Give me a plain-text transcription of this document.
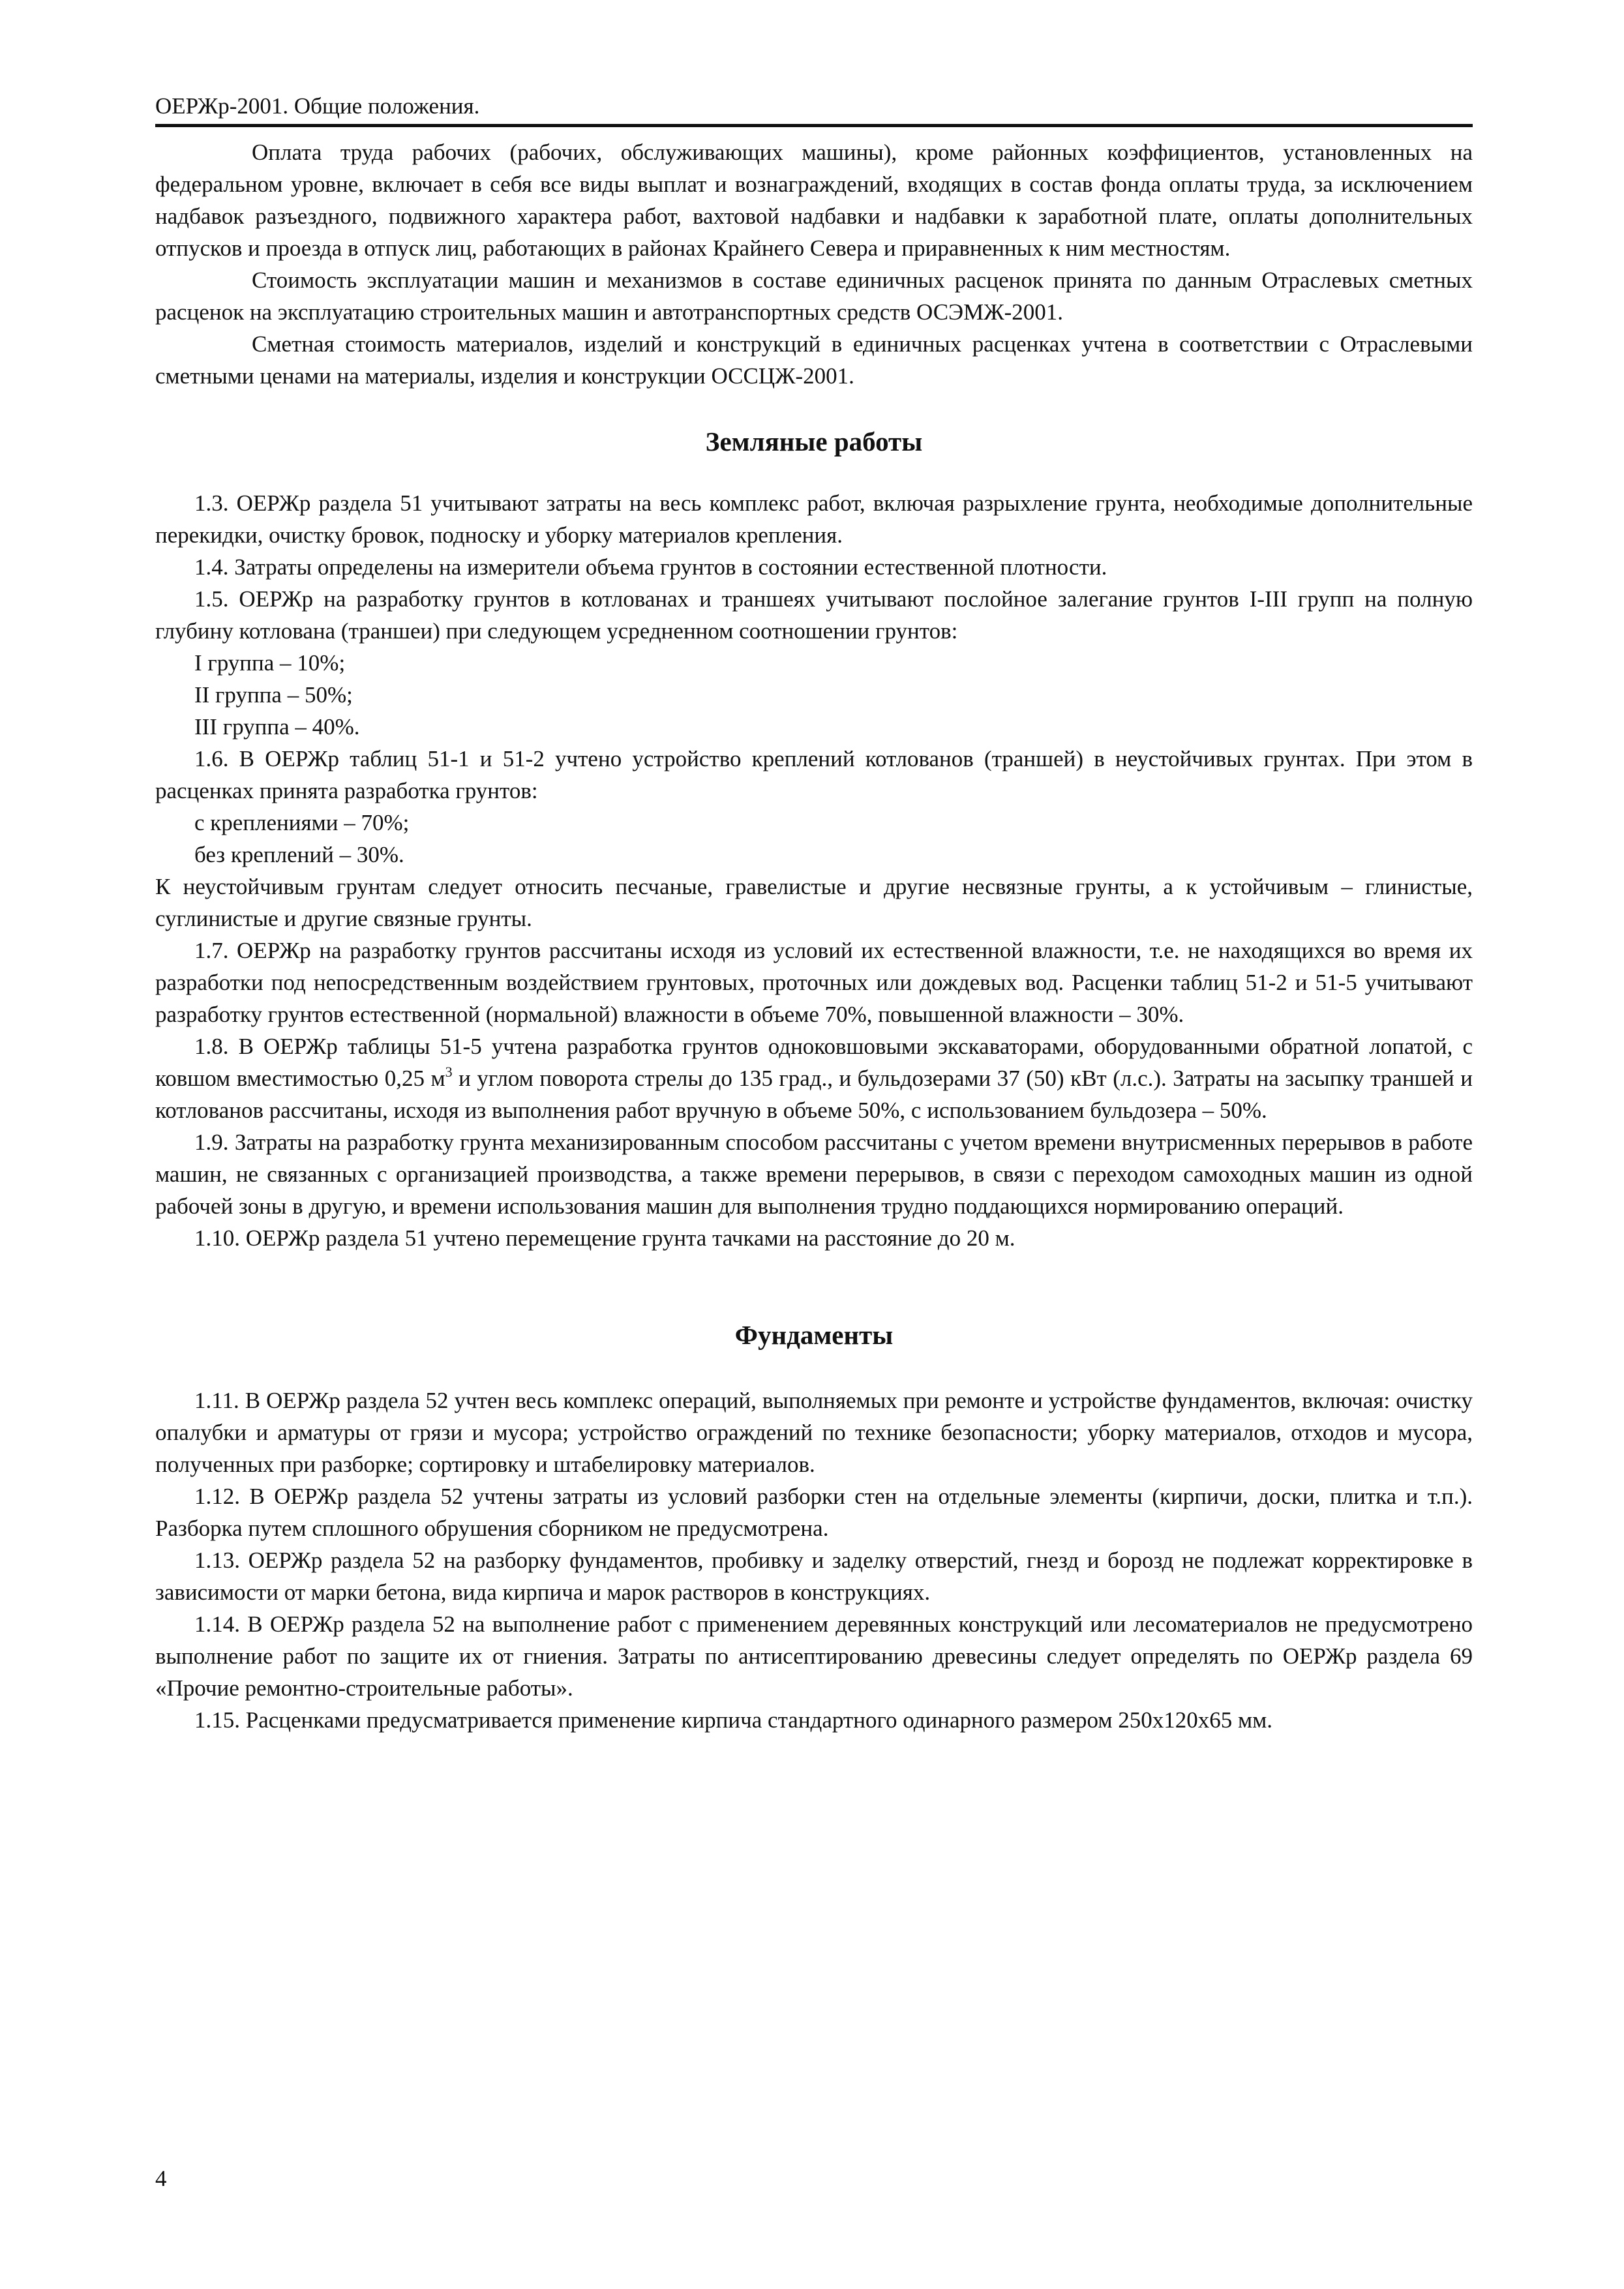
ОЕРЖр-2001. Общие положения.

Оплата труда рабочих (рабочих, обслуживающих машины), кроме районных коэффициентов, установленных на федеральном уровне, включает в себя все виды выплат и вознаграждений, входящих в состав фонда оплаты труда, за исключением надбавок разъездного, подвижного характера работ, вахтовой надбавки и надбавки к заработной плате, оплаты дополнительных отпусков и проезда в отпуск лиц, работающих в районах Крайнего Севера и приравненных к ним местностям.

Стоимость эксплуатации машин и механизмов в составе единичных расценок принята по данным Отраслевых сметных расценок на эксплуатацию строительных машин и автотранспортных средств ОСЭМЖ-2001.

Сметная стоимость материалов, изделий и конструкций в единичных расценках учтена в соответствии с Отраслевыми сметными ценами на материалы, изделия и конструкции ОССЦЖ-2001.

Земляные работы

1.3. ОЕРЖр раздела 51 учитывают затраты на весь комплекс работ, включая разрыхление грунта, необходимые дополнительные перекидки, очистку бровок, подноску и уборку материалов крепления.

1.4. Затраты определены на измерители объема грунтов в состоянии естественной плотности.

1.5. ОЕРЖр на разработку грунтов в котлованах и траншеях учитывают послойное залегание грунтов I-III групп на полную глубину котлована (траншеи) при следующем усредненном соотношении грунтов:

I группа – 10%;

II группа – 50%;

III группа – 40%.

1.6. В ОЕРЖр таблиц 51-1 и 51-2 учтено устройство креплений котлованов (траншей) в неустойчивых грунтах. При этом в расценках принята разработка грунтов:

с креплениями – 70%;

без креплений – 30%.

К неустойчивым грунтам следует относить песчаные, гравелистые и другие несвязные грунты, а к устойчивым – глинистые, суглинистые и другие связные грунты.

1.7. ОЕРЖр на разработку грунтов рассчитаны исходя из условий их естественной влажности, т.е. не находящихся во время их разработки под непосредственным воздействием грунтовых, проточных или дождевых вод. Расценки таблиц 51-2 и 51-5 учитывают разработку грунтов естественной (нормальной) влажности в объеме 70%, повышенной влажности – 30%.

1.8. В ОЕРЖр таблицы 51-5 учтена разработка грунтов одноковшовыми экскаваторами, оборудованными обратной лопатой, с ковшом вместимостью 0,25 $м^3$ и углом поворота стрелы до 135 град., и бульдозерами 37 (50) кВт (л.с.). Затраты на засыпку траншей и котлованов рассчитаны, исходя из выполнения работ вручную в объеме 50%, с использованием бульдозера – 50%.

1.9. Затраты на разработку грунта механизированным способом рассчитаны с учетом времени внутрисменных перерывов в работе машин, не связанных с организацией производства, а также времени перерывов, в связи с переходом самоходных машин из одной рабочей зоны в другую, и времени использования машин для выполнения трудно поддающихся нормированию операций.

1.10. ОЕРЖр раздела 51 учтено перемещение грунта тачками на расстояние до 20 м.

Фундаменты

1.11. В ОЕРЖр раздела 52 учтен весь комплекс операций, выполняемых при ремонте и устройстве фундаментов, включая: очистку опалубки и арматуры от грязи и мусора; устройство ограждений по технике безопасности; уборку материалов, отходов и мусора, полученных при разборке; сортировку и штабелировку материалов.

1.12. В ОЕРЖр раздела 52 учтены затраты из условий разборки стен на отдельные элементы (кирпичи, доски, плитка и т.п.). Разборка путем сплошного обрушения сборником не предусмотрена.

1.13. ОЕРЖр раздела 52 на разборку фундаментов, пробивку и заделку отверстий, гнезд и борозд не подлежат корректировке в зависимости от марки бетона, вида кирпича и марок растворов в конструкциях.

1.14. В ОЕРЖр раздела 52 на выполнение работ с применением деревянных конструкций или лесоматериалов не предусмотрено выполнение работ по защите их от гниения. Затраты по антисептированию древесины следует определять по ОЕРЖр раздела 69 «Прочие ремонтно-строительные работы».

1.15. Расценками предусматривается применение кирпича стандартного одинарного размером 250х120х65 мм.

4
